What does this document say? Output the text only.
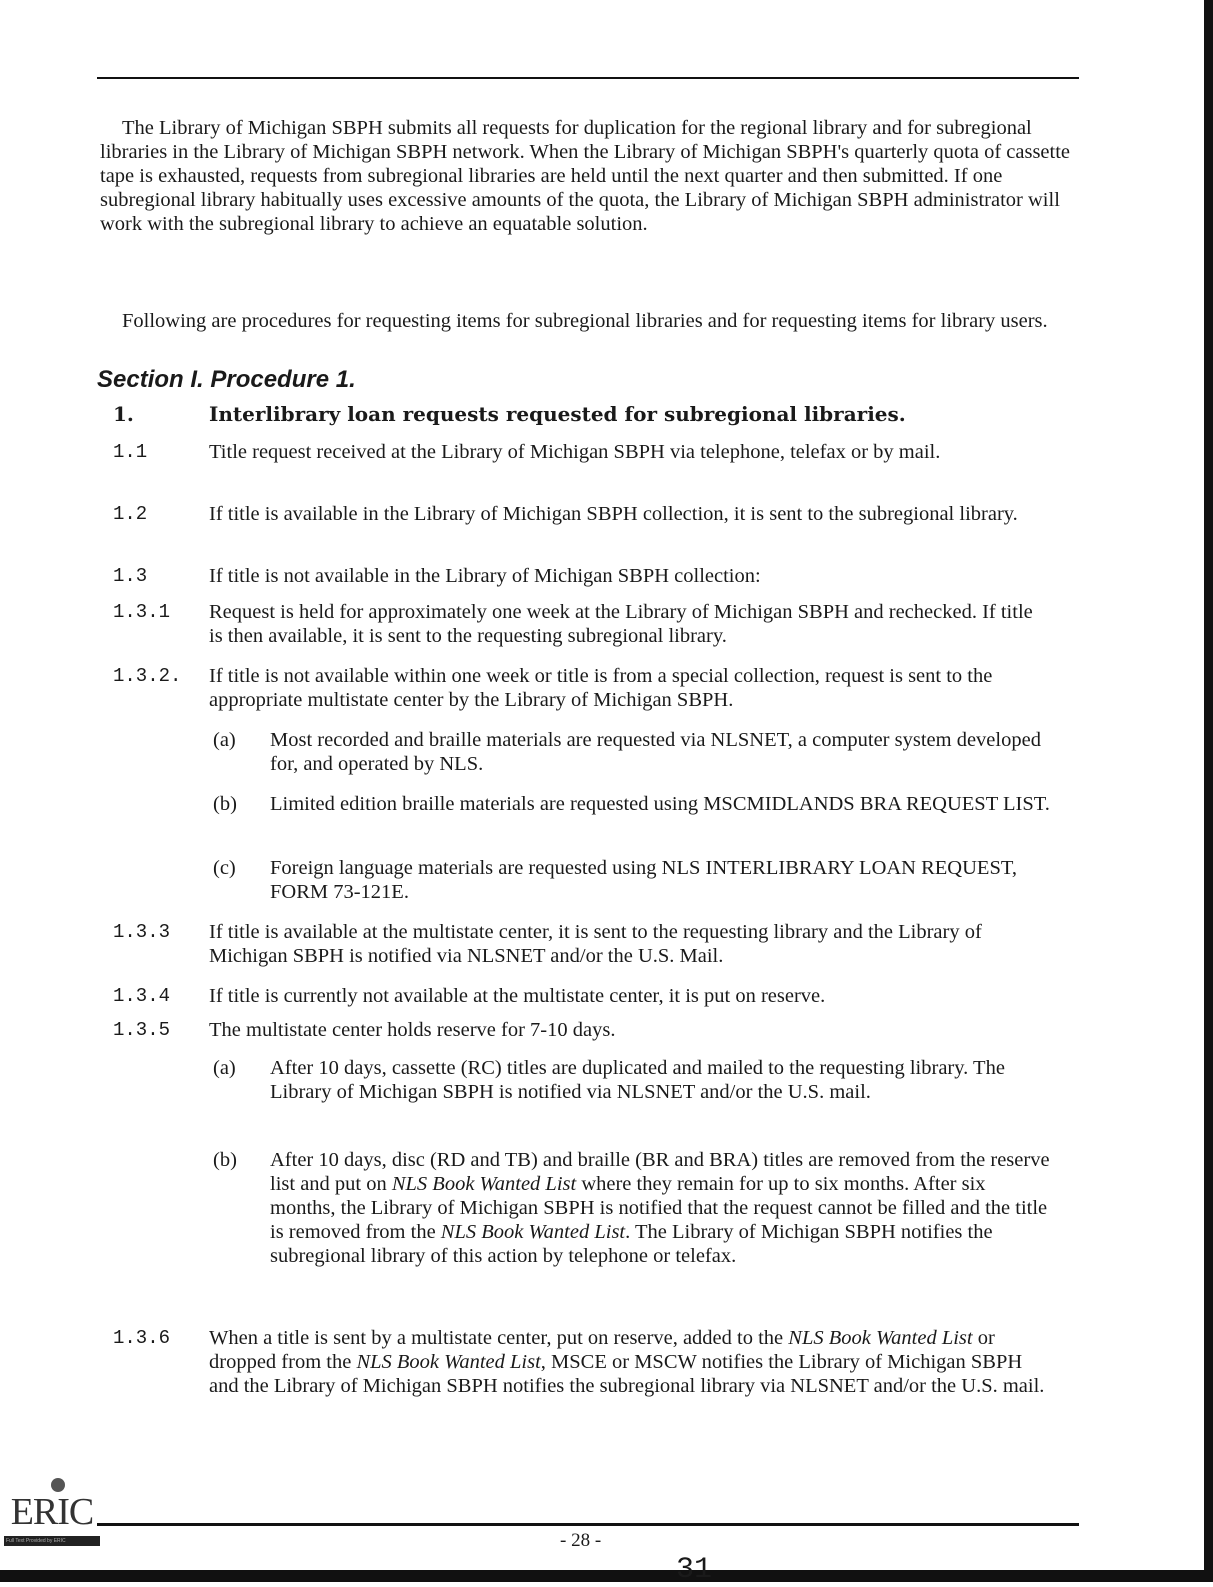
The Library of Michigan SBPH submits all requests for duplication for the regional library and for subregional libraries in the Library of Michigan SBPH network. When the Library of Michigan SBPH's quarterly quota of cassette tape is exhausted, requests from subregional libraries are held until the next quarter and then submitted. If one subregional library habitually uses excessive amounts of the quota, the Library of Michigan SBPH administrator will work with the subregional library to achieve an equatable solution.

Following are procedures for requesting items for subregional libraries and for requesting items for library users.

Section I. Procedure 1.
1.	Interlibrary loan requests requested for subregional libraries.
1.1	Title request received at the Library of Michigan SBPH via telephone, telefax or by mail.
1.2	If title is available in the Library of Michigan SBPH collection, it is sent to the subregional library.
1.3	If title is not available in the Library of Michigan SBPH collection:
1.3.1 Request is held for approximately one week at the Library of Michigan SBPH and rechecked. If title is then available, it is sent to the requesting subregional library.
1.3.2. If title is not available within one week or title is from a special collection, request is sent to the appropriate multistate center by the Library of Michigan SBPH.
(a) Most recorded and braille materials are requested via NLSNET, a computer system developed for, and operated by NLS.
(b) Limited edition braille materials are requested using MSCMIDLANDS BRA REQUEST LIST.
(c) Foreign language materials are requested using NLS INTERLIBRARY LOAN REQUEST, FORM 73-121E.
1.3.3 If title is available at the multistate center, it is sent to the requesting library and the Library of Michigan SBPH is notified via NLSNET and/or the U.S. Mail.
1.3.4 If title is currently not available at the multistate center, it is put on reserve.
1.3.5 The multistate center holds reserve for 7-10 days.
(a) After 10 days, cassette (RC) titles are duplicated and mailed to the requesting library. The Library of Michigan SBPH is notified via NLSNET and/or the U.S. mail.
(b) After 10 days, disc (RD and TB) and braille (BR and BRA) titles are removed from the reserve list and put on NLS Book Wanted List where they remain for up to six months. After six months, the Library of Michigan SBPH is notified that the request cannot be filled and the title is removed from the NLS Book Wanted List. The Library of Michigan SBPH notifies the subregional library of this action by telephone or telefax.
1.3.6 When a title is sent by a multistate center, put on reserve, added to the NLS Book Wanted List or dropped from the NLS Book Wanted List, MSCE or MSCW notifies the Library of Michigan SBPH and the Library of Michigan SBPH notifies the subregional library via NLSNET and/or the U.S. mail.
- 28 -
31
ERIC
Full Text Provided by ERIC
